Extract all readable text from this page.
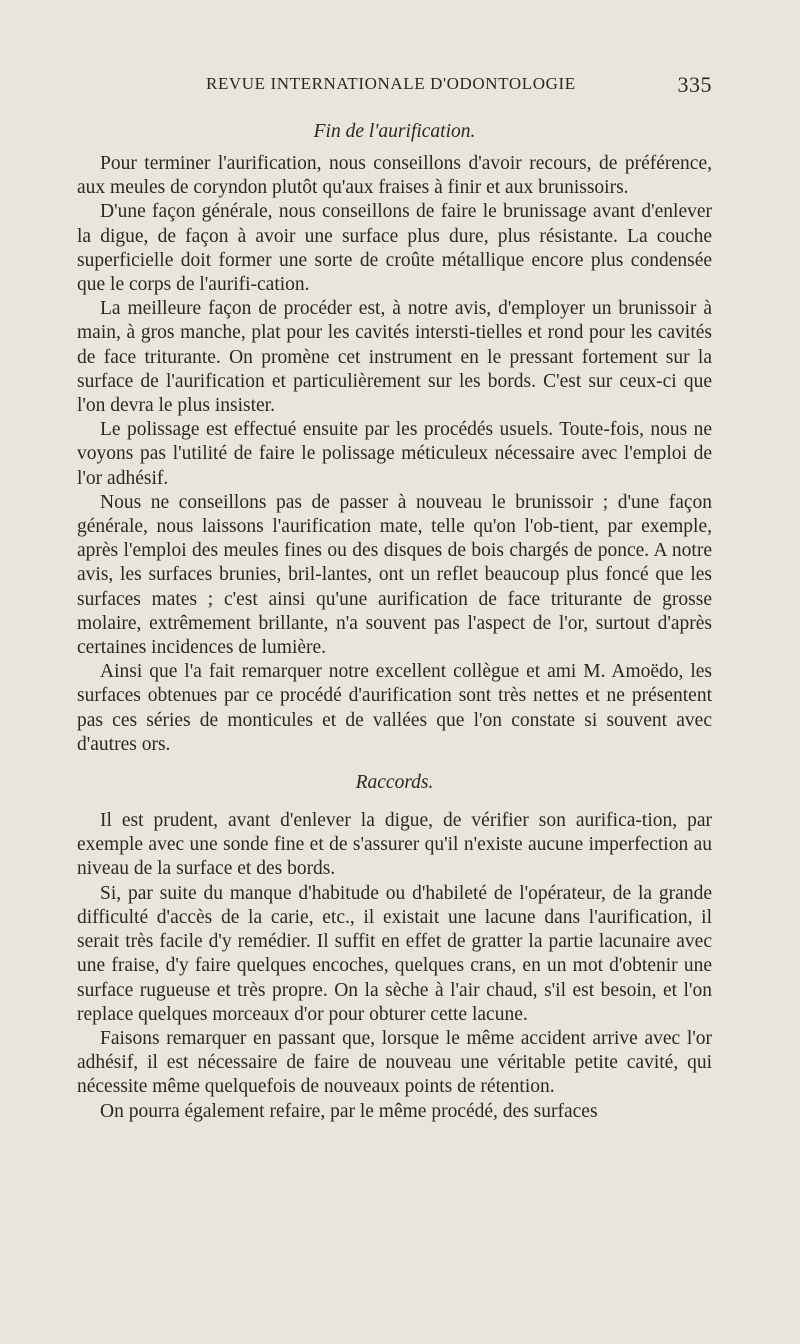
REVUE INTERNATIONALE D'ODONTOLOGIE	335
Fin de l'aurification.

Pour terminer l'aurification, nous conseillons d'avoir recours, de préférence, aux meules de coryndon plutôt qu'aux fraises à finir et aux brunissoirs.

D'une façon générale, nous conseillons de faire le brunissage avant d'enlever la digue, de façon à avoir une surface plus dure, plus résistante. La couche superficielle doit former une sorte de croûte métallique encore plus condensée que le corps de l'aurifi-cation.

La meilleure façon de procéder est, à notre avis, d'employer un brunissoir à main, à gros manche, plat pour les cavités intersti-tielles et rond pour les cavités de face triturante. On promène cet instrument en le pressant fortement sur la surface de l'aurification et particulièrement sur les bords. C'est sur ceux-ci que l'on devra le plus insister.

Le polissage est effectué ensuite par les procédés usuels. Toute-fois, nous ne voyons pas l'utilité de faire le polissage méticuleux nécessaire avec l'emploi de l'or adhésif.

Nous ne conseillons pas de passer à nouveau le brunissoir ; d'une façon générale, nous laissons l'aurification mate, telle qu'on l'ob-tient, par exemple, après l'emploi des meules fines ou des disques de bois chargés de ponce. A notre avis, les surfaces brunies, bril-lantes, ont un reflet beaucoup plus foncé que les surfaces mates ; c'est ainsi qu'une aurification de face triturante de grosse molaire, extrêmement brillante, n'a souvent pas l'aspect de l'or, surtout d'après certaines incidences de lumière.

Ainsi que l'a fait remarquer notre excellent collègue et ami M. Amoëdo, les surfaces obtenues par ce procédé d'aurification sont très nettes et ne présentent pas ces séries de monticules et de vallées que l'on constate si souvent avec d'autres ors.

Raccords.

Il est prudent, avant d'enlever la digue, de vérifier son aurifica-tion, par exemple avec une sonde fine et de s'assurer qu'il n'existe aucune imperfection au niveau de la surface et des bords.

Si, par suite du manque d'habitude ou d'habileté de l'opérateur, de la grande difficulté d'accès de la carie, etc., il existait une lacune dans l'aurification, il serait très facile d'y remédier. Il suffit en effet de gratter la partie lacunaire avec une fraise, d'y faire quelques encoches, quelques crans, en un mot d'obtenir une surface rugueuse et très propre. On la sèche à l'air chaud, s'il est besoin, et l'on replace quelques morceaux d'or pour obturer cette lacune.

Faisons remarquer en passant que, lorsque le même accident arrive avec l'or adhésif, il est nécessaire de faire de nouveau une véritable petite cavité, qui nécessite même quelquefois de nouveaux points de rétention.

On pourra également refaire, par le même procédé, des surfaces
